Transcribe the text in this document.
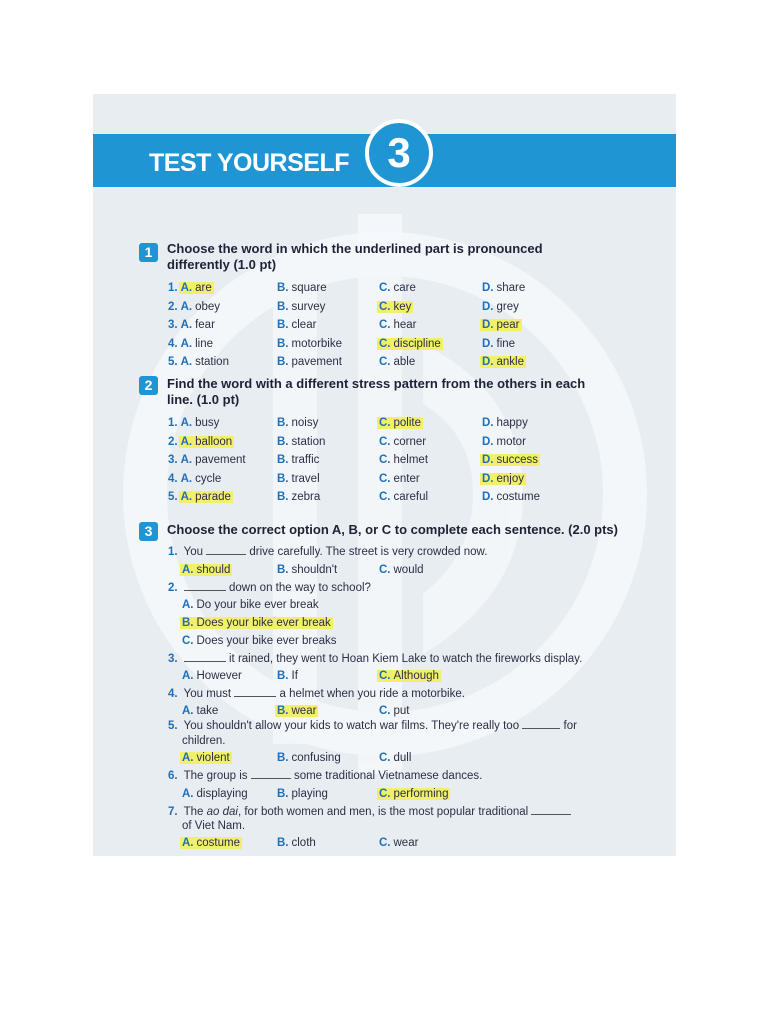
TEST YOURSELF 3
1	Choose the word in which the underlined part is pronounced
differently (1.0 pt)
2	Find the word with a different stress pattern from the others in each
line. (1.0 pt)
3	Choose the correct option A, B, or C to complete each sentence. (2.0 pts)
1. You	drive carefully. The street is very crowded now.
A. should	B. shouldn't	C. would
2.	down on the way to school?
A. Do your bike ever break
B. Does your bike ever break
C. Does your bike ever breaks
3.	it rained, they went to Hoan Kiem Lake to watch the fireworks display.
A. However	B. If	C. Although
4. You must	a helmet when you ride a motorbike.
A. take	B. wear	C. put
5. You shouldn't allow your kids to watch war films. They're really too	for
children.
A. violent	B. confusing	C. dull
6. The group is	some traditional Vietnamese dances.
A. displaying	B. playing	C. performing
7. The ao dai, for both women and men, is the most popular traditional
of Viet Nam.
A. costume	B. cloth	C. wear
1. A. are	B. square	C. care	D. share
2. A. obey	B. survey	C. key	D. grey
3. A. fear	B. clear	C. hear	D. pear
4. A. line	B. motorbike	C. discipline	D. fine
5. A. station	B. pavement	C. able	D. ankle
1. A. busy	B. noisy	C. polite	D. happy
2. A. balloon	B. station	C. corner	D. motor
3. A. pavement	B. traffic	C. helmet	D. success
4. A. cycle	B. travel	C. enter	D. enjoy
5. A. parade	B. zebra	C. careful	D. costume
